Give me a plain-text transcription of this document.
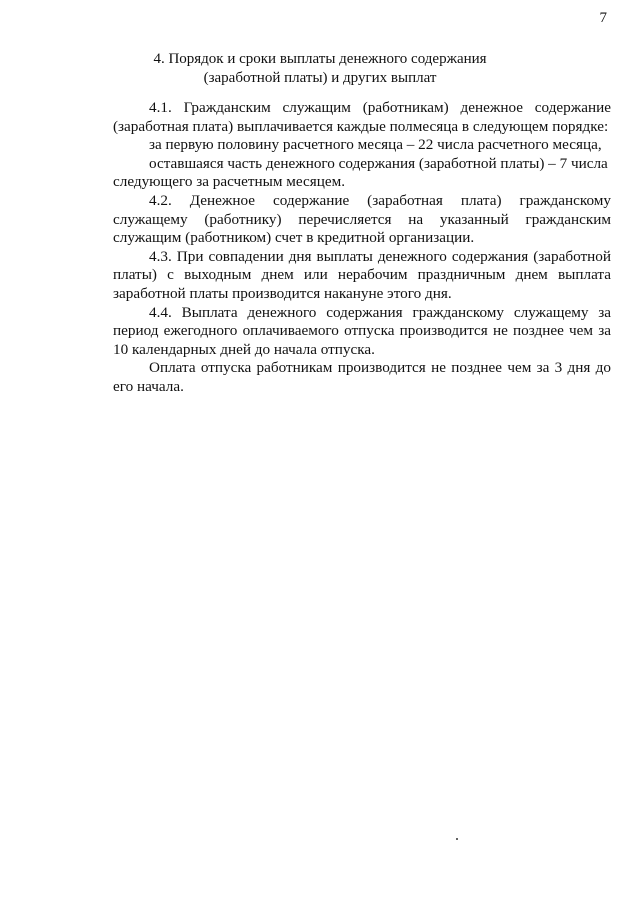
7
4. Порядок и сроки выплаты денежного содержания
(заработной платы) и других выплат

4.1. Гражданским служащим (работникам) денежное содержание (заработная плата) выплачивается каждые полмесяца в следующем порядке:

за первую половину расчетного месяца – 22 числа расчетного месяца,

оставшаяся часть денежного содержания (заработной платы) – 7 числа

следующего за расчетным месяцем.

4.2. Денежное содержание (заработная плата) гражданскому служащему (работнику) перечисляется на указанный гражданским служащим (работником) счет в кредитной организации.

4.3. При совпадении дня выплаты денежного содержания (заработной платы) с выходным днем или нерабочим праздничным днем выплата заработной платы производится накануне этого дня.

4.4. Выплата денежного содержания гражданскому служащему за период ежегодного оплачиваемого отпуска производится не позднее чем за 10 календарных дней до начала отпуска.

Оплата отпуска работникам производится не позднее чем за 3 дня до его начала.
